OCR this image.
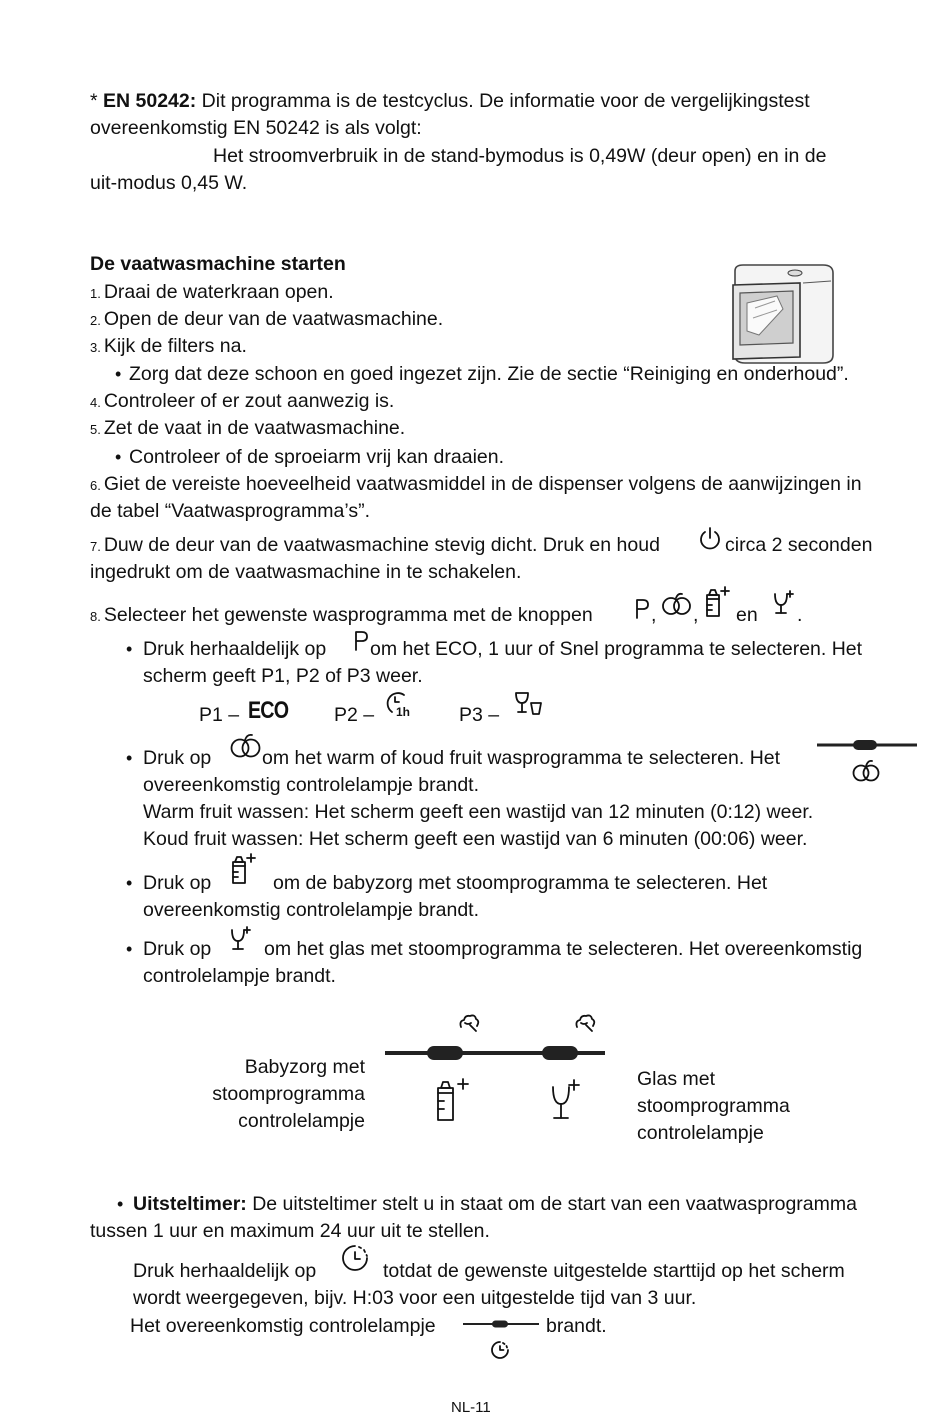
* EN 50242: Dit programma is de testcyclus. De informatie voor de vergelijkingstest
overeenkomstig EN 50242 is als volgt:
Het stroomverbruik in de stand-bymodus is 0,49W (deur open) en in de
uit-modus 0,45 W.
De vaatwasmachine starten
1. Draai de waterkraan open.
2. Open de deur van de vaatwasmachine.
3. Kijk de filters na.
• Zorg dat deze schoon en goed ingezet zijn. Zie de sectie “Reiniging en onderhoud”.
4. Controleer of er zout aanwezig is.
5. Zet de vaat in de vaatwasmachine.
• Controleer of de sproeiarm vrij kan draaien.
6. Giet de vereiste hoeveelheid vaatwasmiddel in de dispenser volgens de aanwijzingen in
de tabel “Vaatwasprogramma’s”.
7. Duw de deur van de vaatwasmachine stevig dicht. Druk en houd	circa 2 seconden
ingedrukt om de vaatwasmachine in te schakelen.
8. Selecteer het gewenste wasprogramma met de knoppen	, , en .
• Druk herhaaldelijk op om het ECO, 1 uur of Snel programma te selecteren. Het
scherm geeft P1, P2 of P3 weer.
P1 – ECO P2 – 1h	P3 –
• Druk op	om het warm of koud fruit wasprogramma te selecteren. Het
overeenkomstig controlelampje brandt.
Warm fruit wassen: Het scherm geeft een wastijd van 12 minuten (0:12) weer.
Koud fruit wassen: Het scherm geeft een wastijd van 6 minuten (00:06) weer.
• Druk op	om de babyzorg met stoomprogramma te selecteren. Het
overeenkomstig controlelampje brandt.
• Druk op	om het glas met stoomprogramma te selecteren. Het overeenkomstig
controlelampje brandt.
Babyzorg met
stoomprogramma
controlelampje
Glas met
stoomprogramma
controlelampje
• Uitsteltimer: De uitsteltimer stelt u in staat om de start van een vaatwasprogramma
tussen 1 uur en maximum 24 uur uit te stellen.
Druk herhaaldelijk op	totdat de gewenste uitgestelde starttijd op het scherm
wordt weergegeven, bijv. H:03 voor een uitgestelde tijd van 3 uur.
Het overeenkomstig controlelampje	brandt.
NL-11
